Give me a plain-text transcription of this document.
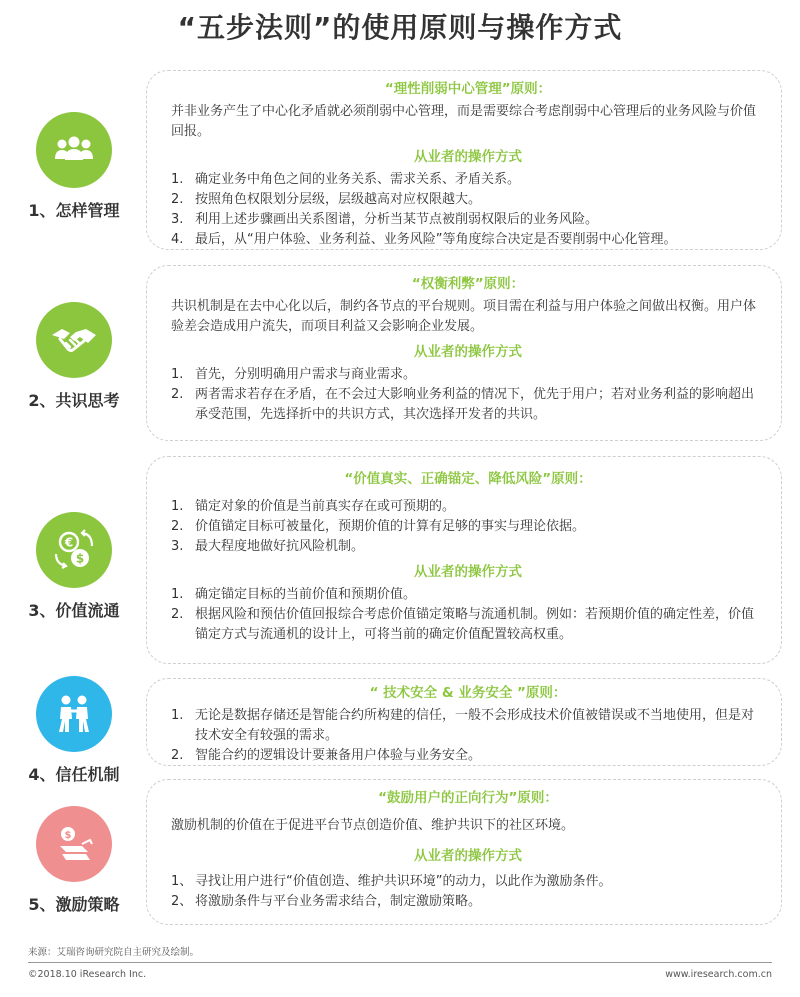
“五步法则”的使用原则与操作方式
1、怎样管理
“理性削弱中心管理”原则：

并非业务产生了中心化矛盾就必须削弱中心管理，而是需要综合考虑削弱中心管理后的业务风险与价值回报。

从业者的操作方式
1. 确定业务中角色之间的业务关系、需求关系、矛盾关系。
2. 按照角色权限划分层级，层级越高对应权限越大。
3. 利用上述步骤画出关系图谱，分析当某节点被削弱权限后的业务风险。
4. 最后，从“用户体验、业务利益、业务风险”等角度综合决定是否要削弱中心化管理。
2、共识思考
“权衡利弊”原则：

共识机制是在去中心化以后，制约各节点的平台规则。项目需在利益与用户体验之间做出权衡。用户体验差会造成用户流失，而项目利益又会影响企业发展。

从业者的操作方式
1. 首先，分别明确用户需求与商业需求。
2. 两者需求若存在矛盾，在不会过大影响业务利益的情况下，优先于用户；若对业务利益的影响超出承受范围，先选择折中的共识方式，其次选择开发者的共识。
€
$
3、价值流通
“价值真实、正确锚定、降低风险”原则：
1. 锚定对象的价值是当前真实存在或可预期的。
2. 价值锚定目标可被量化，预期价值的计算有足够的事实与理论依据。
3. 最大程度地做好抗风险机制。
从业者的操作方式
1. 确定锚定目标的当前价值和预期价值。
2. 根据风险和预估价值回报综合考虑价值锚定策略与流通机制。例如：若预期价值的确定性差，价值锚定方式与流通机的设计上，可将当前的确定价值配置较高权重。
4、信任机制
“ 技术安全 & 业务安全 ”原则：
1. 无论是数据存储还是智能合约所构建的信任，一般不会形成技术价值被错误或不当地使用，但是对技术安全有较强的需求。
2. 智能合约的逻辑设计要兼备用户体验与业务安全。
$
5、激励策略
“鼓励用户的正向行为”原则：

激励机制的价值在于促进平台节点创造价值、维护共识下的社区环境。

从业者的操作方式
1、 寻找让用户进行“价值创造、维护共识环境”的动力，以此作为激励条件。
2、 将激励条件与平台业务需求结合，制定激励策略。
来源：艾瑞咨询研究院自主研究及绘制。
©2018.10 iResearch Inc.	www.iresearch.com.cn
